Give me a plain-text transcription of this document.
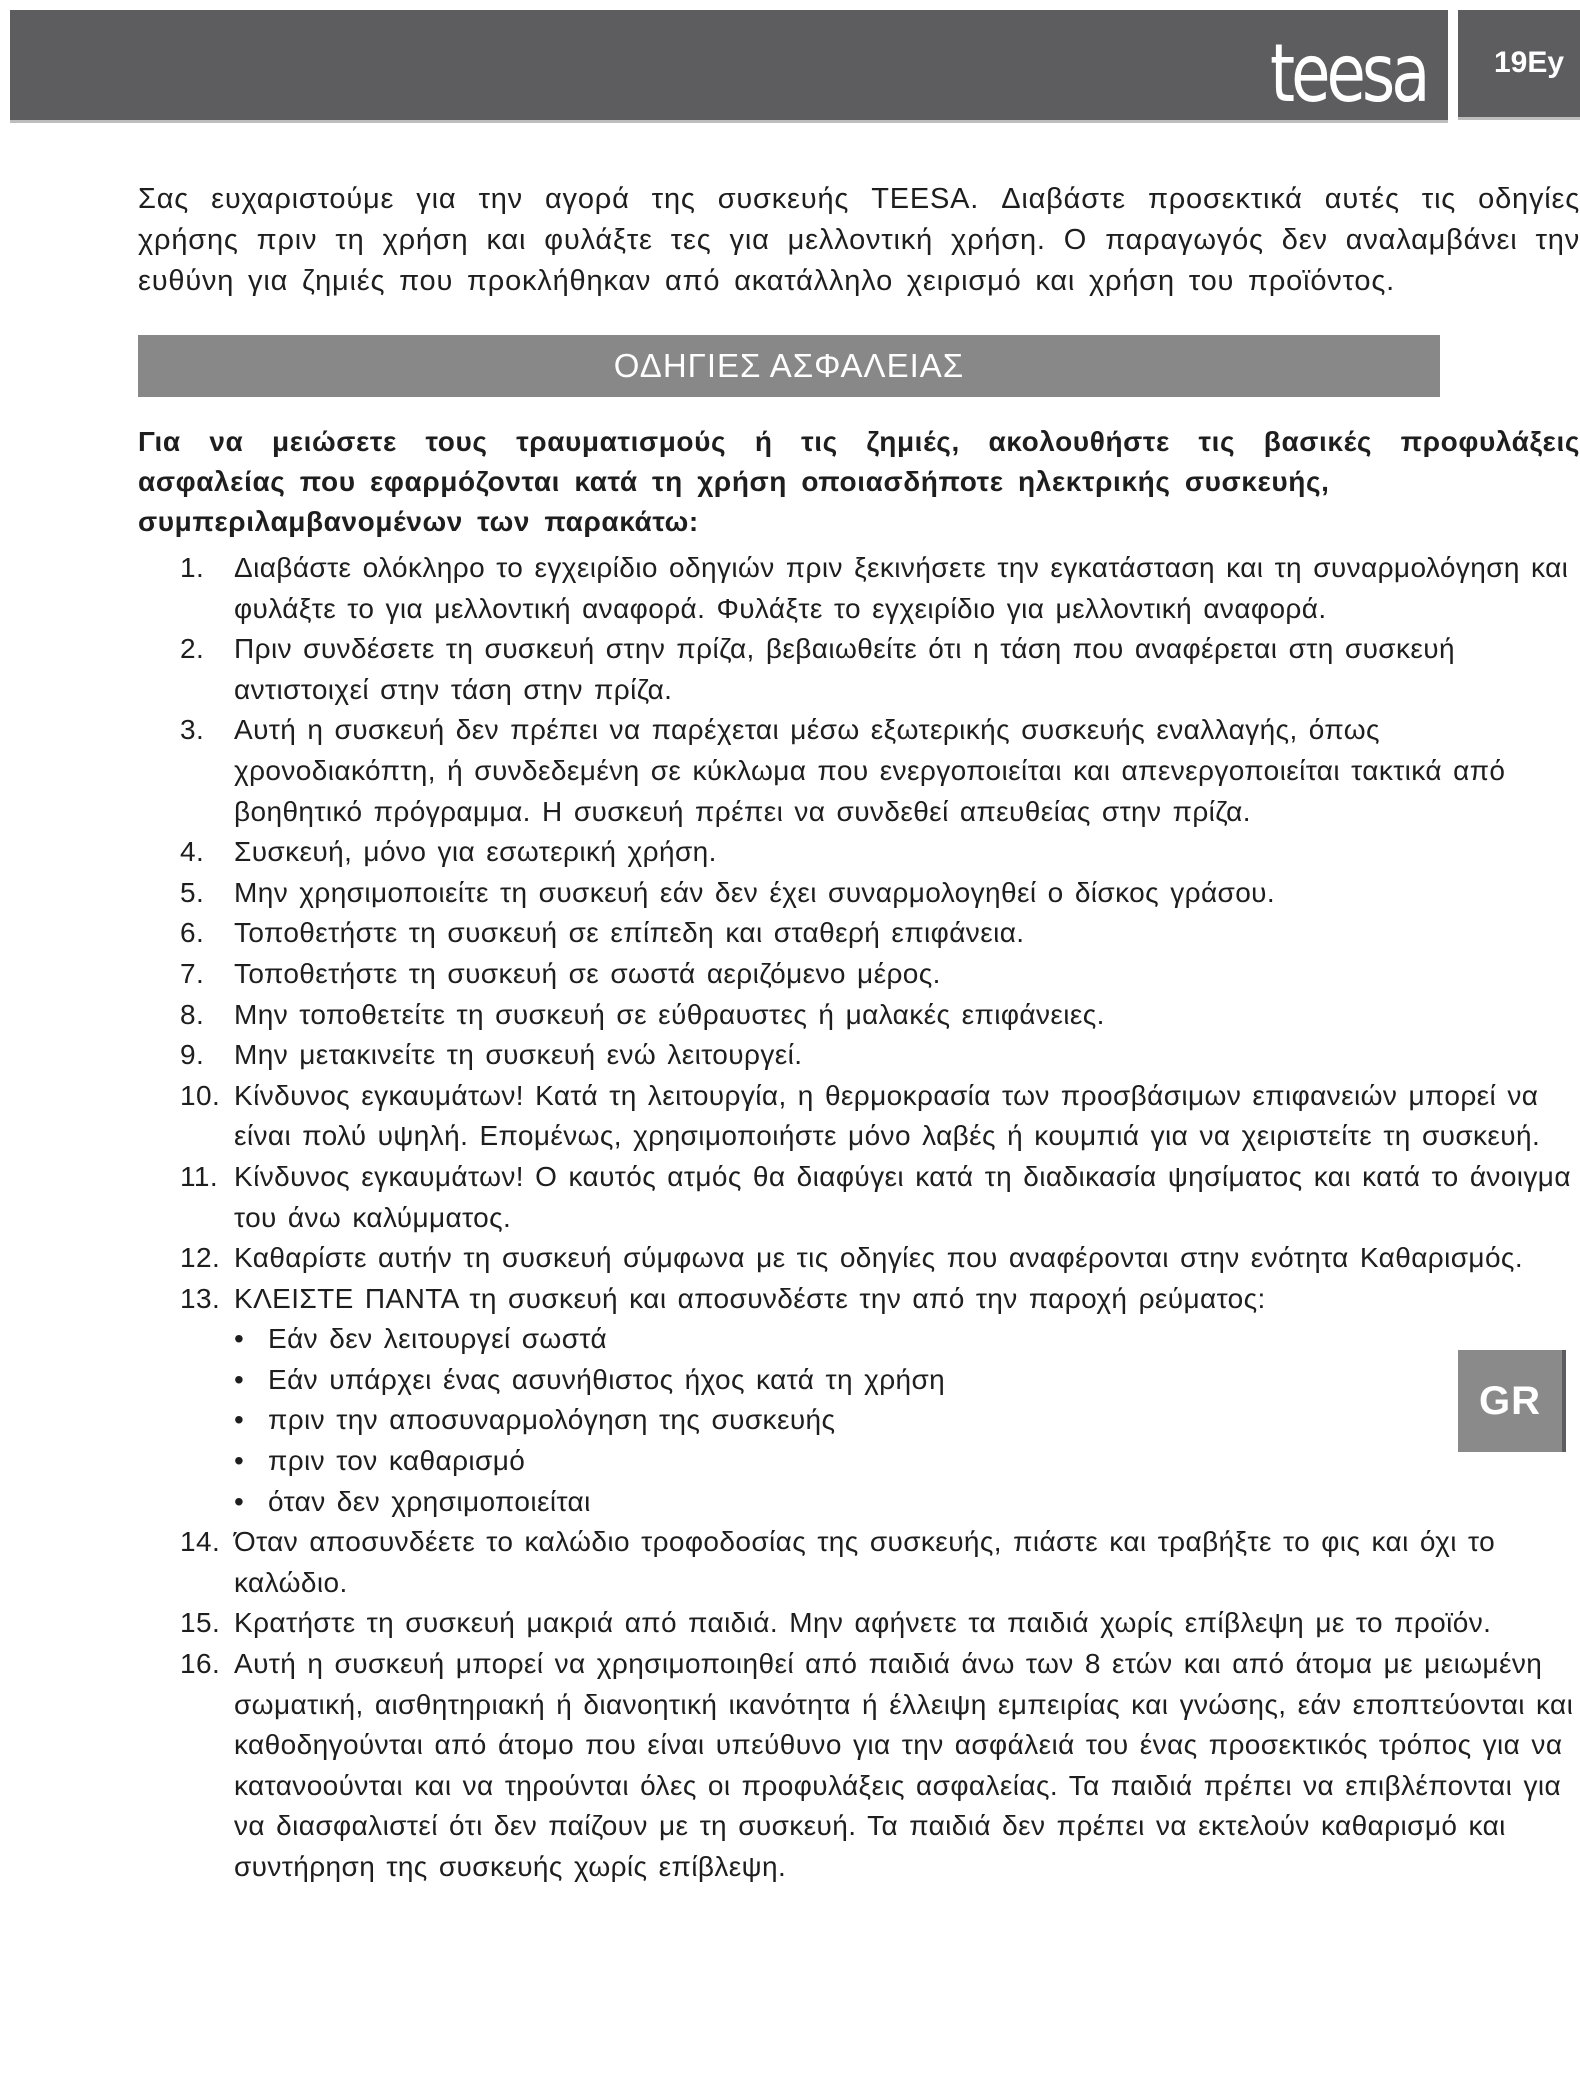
teesa 19Ey

Σας ευχαριστούμε για την αγορά της συσκευής TEESA. Διαβάστε προσεκτικά αυτές τις οδηγίες χρήσης πριν τη χρήση και φυλάξτε τες για μελλοντική χρήση. Ο παραγωγός δεν αναλαμβάνει την ευθύνη για ζημιές που προκλήθηκαν από ακατάλληλο χειρισμό και χρήση του προϊόντος.

ΟΔΗΓΙΕΣ ΑΣΦΑΛΕΙΑΣ
Για να μειώσετε τους τραυματισμούς ή τις ζημιές, ακολουθήστε τις βασικές προφυλάξεις ασφαλείας που εφαρμόζονται κατά τη χρήση οποιασδήποτε ηλεκτρικής συσκευής,
συμπεριλαμβανομένων των παρακάτω:
1. Διαβάστε ολόκληρο το εγχειρίδιο οδηγιών πριν ξεκινήσετε την εγκατάσταση και τη συναρμολόγηση και φυλάξτε το για μελλοντική αναφορά. Φυλάξτε το εγχειρίδιο για μελλοντική αναφορά.
2. Πριν συνδέσετε τη συσκευή στην πρίζα, βεβαιωθείτε ότι η τάση που αναφέρεται στη συσκευή αντιστοιχεί στην τάση στην πρίζα.
3. Αυτή η συσκευή δεν πρέπει να παρέχεται μέσω εξωτερικής συσκευής εναλλαγής, όπως χρονοδιακόπτη, ή συνδεδεμένη σε κύκλωμα που ενεργοποιείται και απενεργοποιείται τακτικά από βοηθητικό πρόγραμμα. Η συσκευή πρέπει να συνδεθεί απευθείας στην πρίζα.
4. Συσκευή, μόνο για εσωτερική χρήση.
5. Μην χρησιμοποιείτε τη συσκευή εάν δεν έχει συναρμολογηθεί ο δίσκος γράσου.
6. Τοποθετήστε τη συσκευή σε επίπεδη και σταθερή επιφάνεια.
7. Τοποθετήστε τη συσκευή σε σωστά αεριζόμενο μέρος.
8. Μην τοποθετείτε τη συσκευή σε εύθραυστες ή μαλακές επιφάνειες.
9. Μην μετακινείτε τη συσκευή ενώ λειτουργεί.
10. Κίνδυνος εγκαυμάτων! Κατά τη λειτουργία, η θερμοκρασία των προσβάσιμων επιφανειών μπορεί να είναι πολύ υψηλή. Επομένως, χρησιμοποιήστε μόνο λαβές ή κουμπιά για να χειριστείτε τη συσκευή.
11. Κίνδυνος εγκαυμάτων! Ο καυτός ατμός θα διαφύγει κατά τη διαδικασία ψησίματος και κατά το άνοιγμα του άνω καλύμματος.
12. Καθαρίστε αυτήν τη συσκευή σύμφωνα με τις οδηγίες που αναφέρονται στην ενότητα Καθαρισμός.
13. ΚΛΕΙΣΤΕ ΠΑΝΤΑ τη συσκευή και αποσυνδέστε την από την παροχή ρεύματος:
• Εάν δεν λειτουργεί σωστά
• Εάν υπάρχει ένας ασυνήθιστος ήχος κατά τη χρήση
• πριν την αποσυναρμολόγηση της συσκευής
• πριν τον καθαρισμό
• όταν δεν χρησιμοποιείται
14. Όταν αποσυνδέετε το καλώδιο τροφοδοσίας της συσκευής, πιάστε και τραβήξτε το φις και όχι το καλώδιο.
15. Κρατήστε τη συσκευή μακριά από παιδιά. Μην αφήνετε τα παιδιά χωρίς επίβλεψη με το προϊόν.
16. Αυτή η συσκευή μπορεί να χρησιμοποιηθεί από παιδιά άνω των 8 ετών και από άτομα με μειωμένη σωματική, αισθητηριακή ή διανοητική ικανότητα ή έλλειψη εμπειρίας και γνώσης, εάν εποπτεύονται και καθοδηγούνται από άτομο που είναι υπεύθυνο για την ασφάλειά του ένας προσεκτικός τρόπος για να κατανοούνται και να τηρούνται όλες οι προφυλάξεις ασφαλείας. Τα παιδιά πρέπει να επιβλέπονται για να διασφαλιστεί ότι δεν παίζουν με τη συσκευή. Τα παιδιά δεν πρέπει να εκτελούν καθαρισμό και συντήρηση της συσκευής χωρίς επίβλεψη.
GR
